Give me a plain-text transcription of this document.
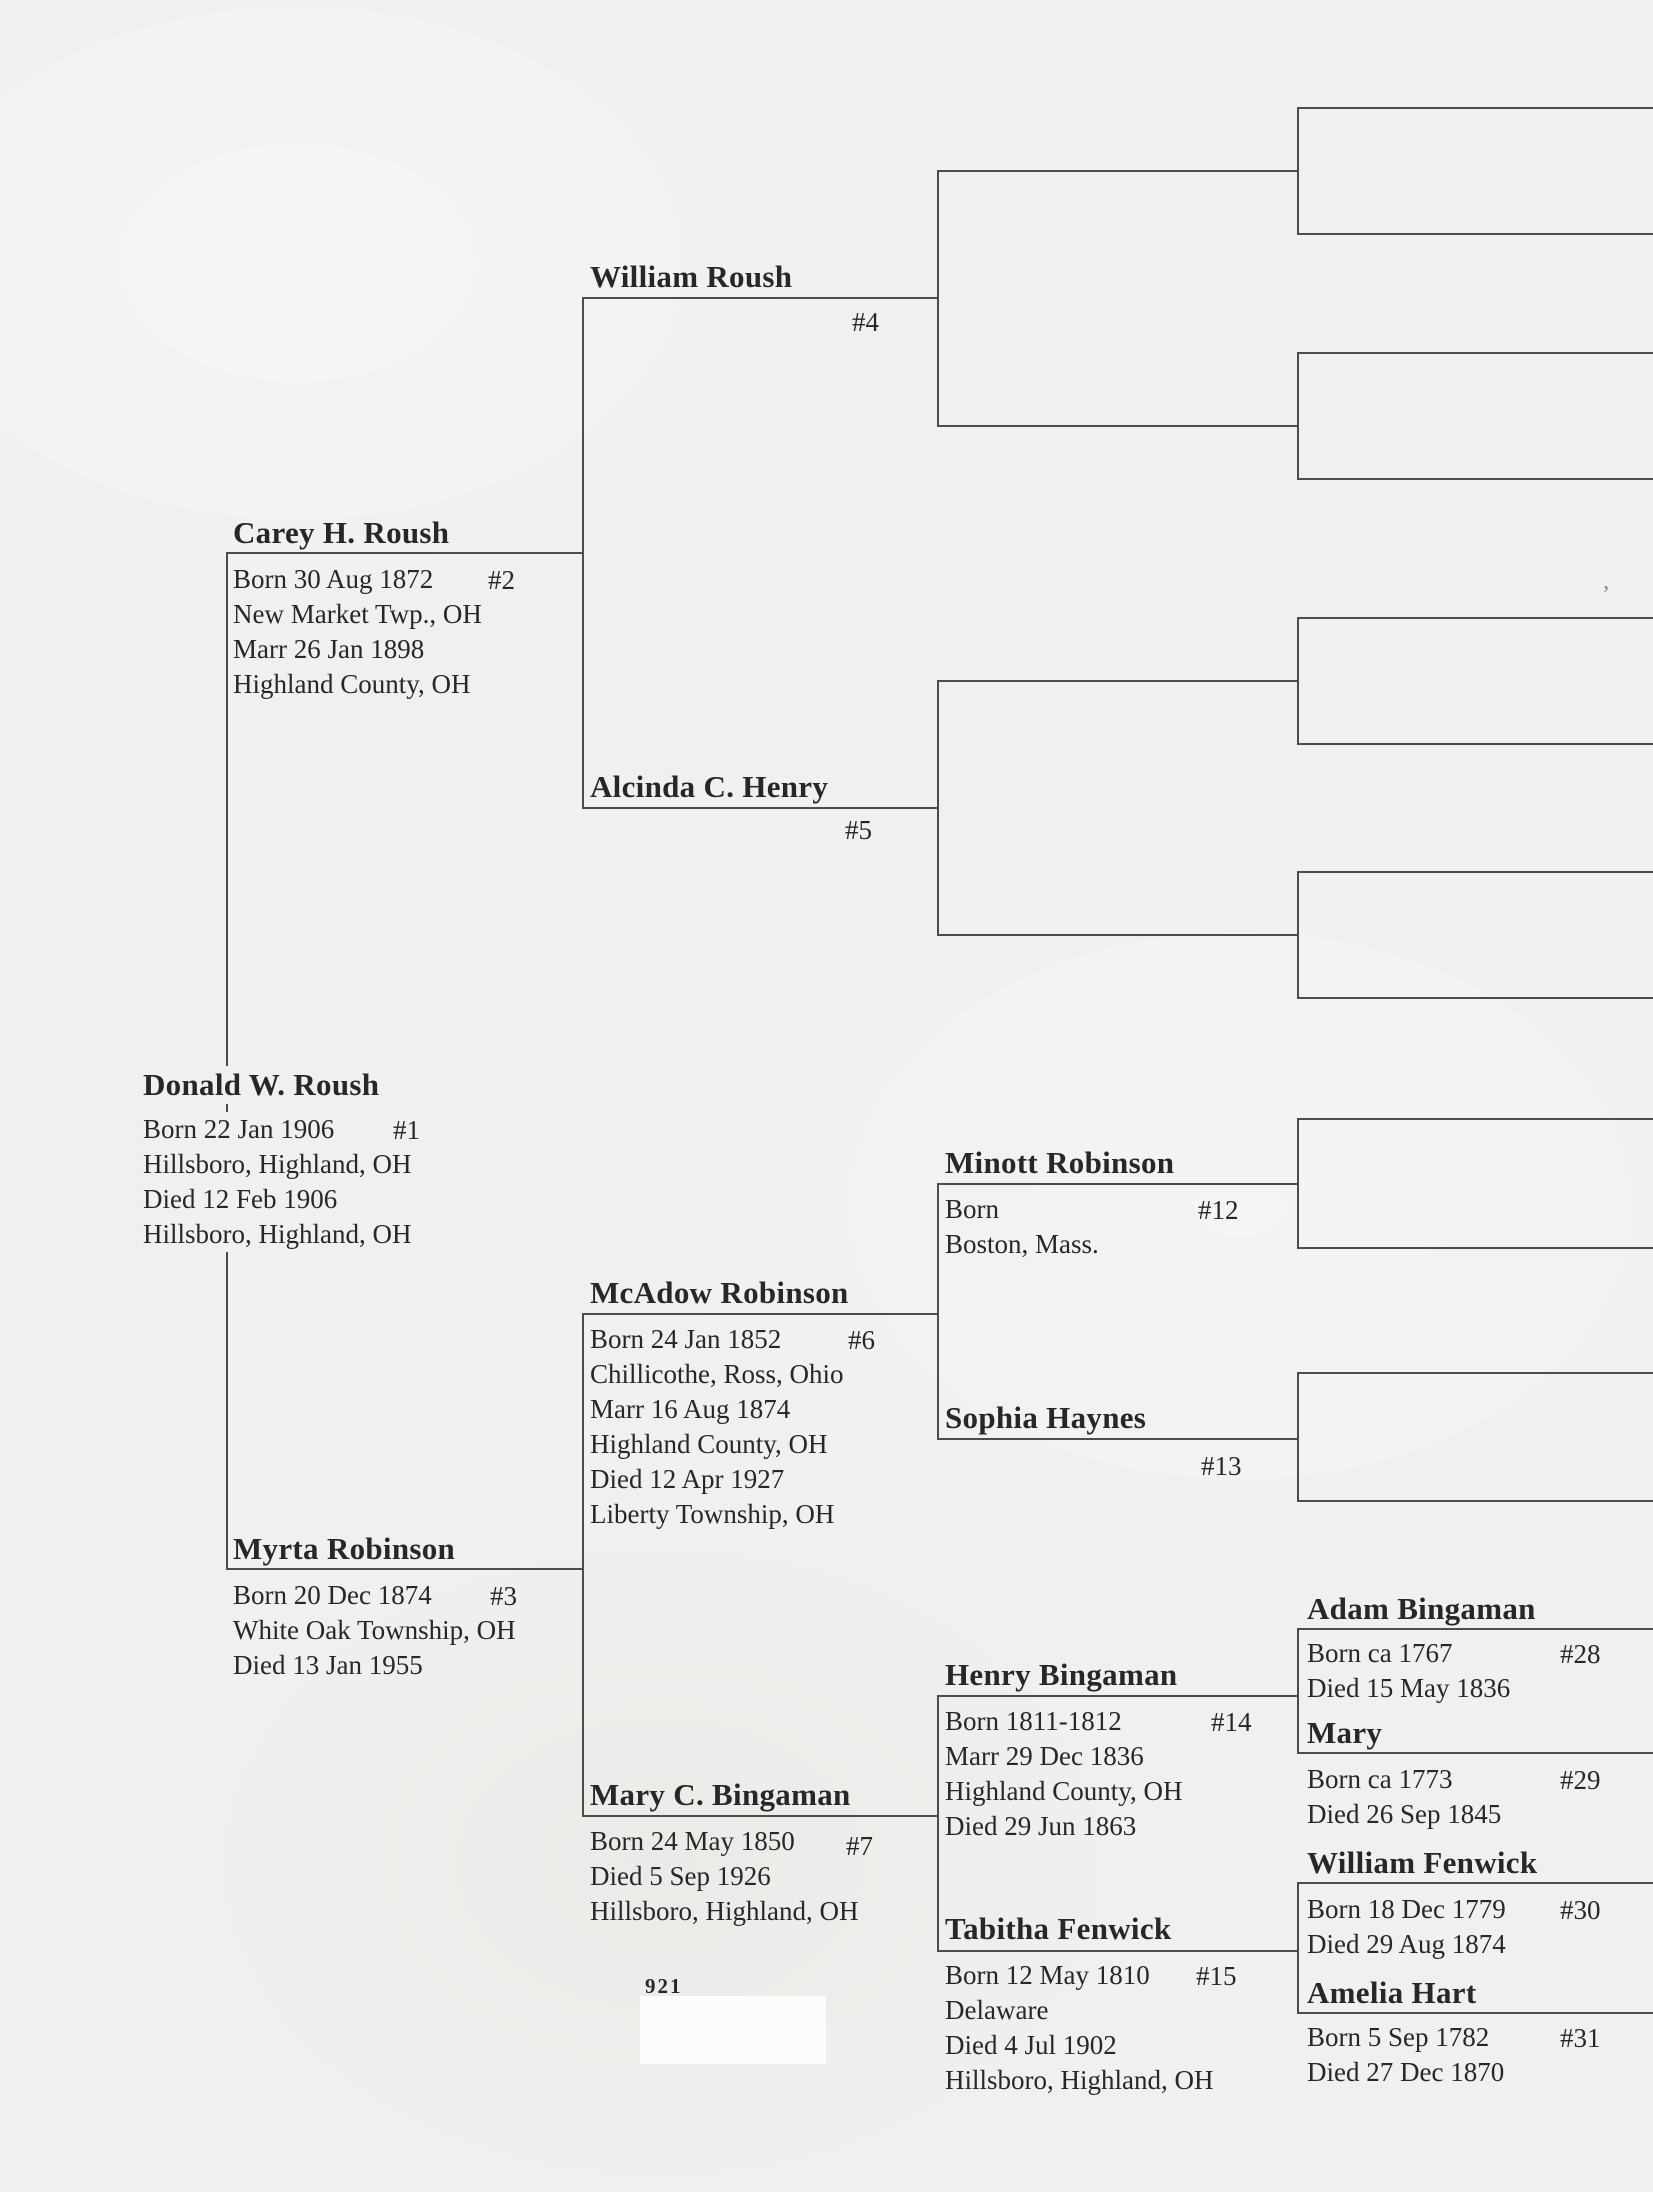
Donald W. Roush
Born 22 Jan 1906
Hillsboro, Highland, OH
Died 12 Feb 1906
Hillsboro, Highland, OH
#1
Carey H. Roush
Born 30 Aug 1872
New Market Twp., OH
Marr 26 Jan 1898
Highland County, OH
#2
Myrta Robinson
Born 20 Dec 1874
White Oak Township, OH
Died 13 Jan 1955
#3
William Roush
#4
Alcinda C. Henry
#5
McAdow Robinson
Born 24 Jan 1852
Chillicothe, Ross, Ohio
Marr 16 Aug 1874
Highland County, OH
Died 12 Apr 1927
Liberty Township, OH
#6
Mary C. Bingaman
Born 24 May 1850
Died 5 Sep 1926
Hillsboro, Highland, OH
#7
Minott Robinson
Born
Boston, Mass.
#12
Sophia Haynes
#13
Henry Bingaman
Born 1811-1812
Marr 29 Dec 1836
Highland County, OH
Died 29 Jun 1863
#14
Tabitha Fenwick
Born 12 May 1810
Delaware
Died 4 Jul 1902
Hillsboro, Highland, OH
#15
Adam Bingaman
Born ca 1767
Died 15 May 1836
#28
Mary
Born ca 1773
Died 26 Sep 1845
#29
William Fenwick
Born 18 Dec 1779
Died 29 Aug 1874
#30
Amelia Hart
Born 5 Sep 1782
Died 27 Dec 1870
#31
921
’
